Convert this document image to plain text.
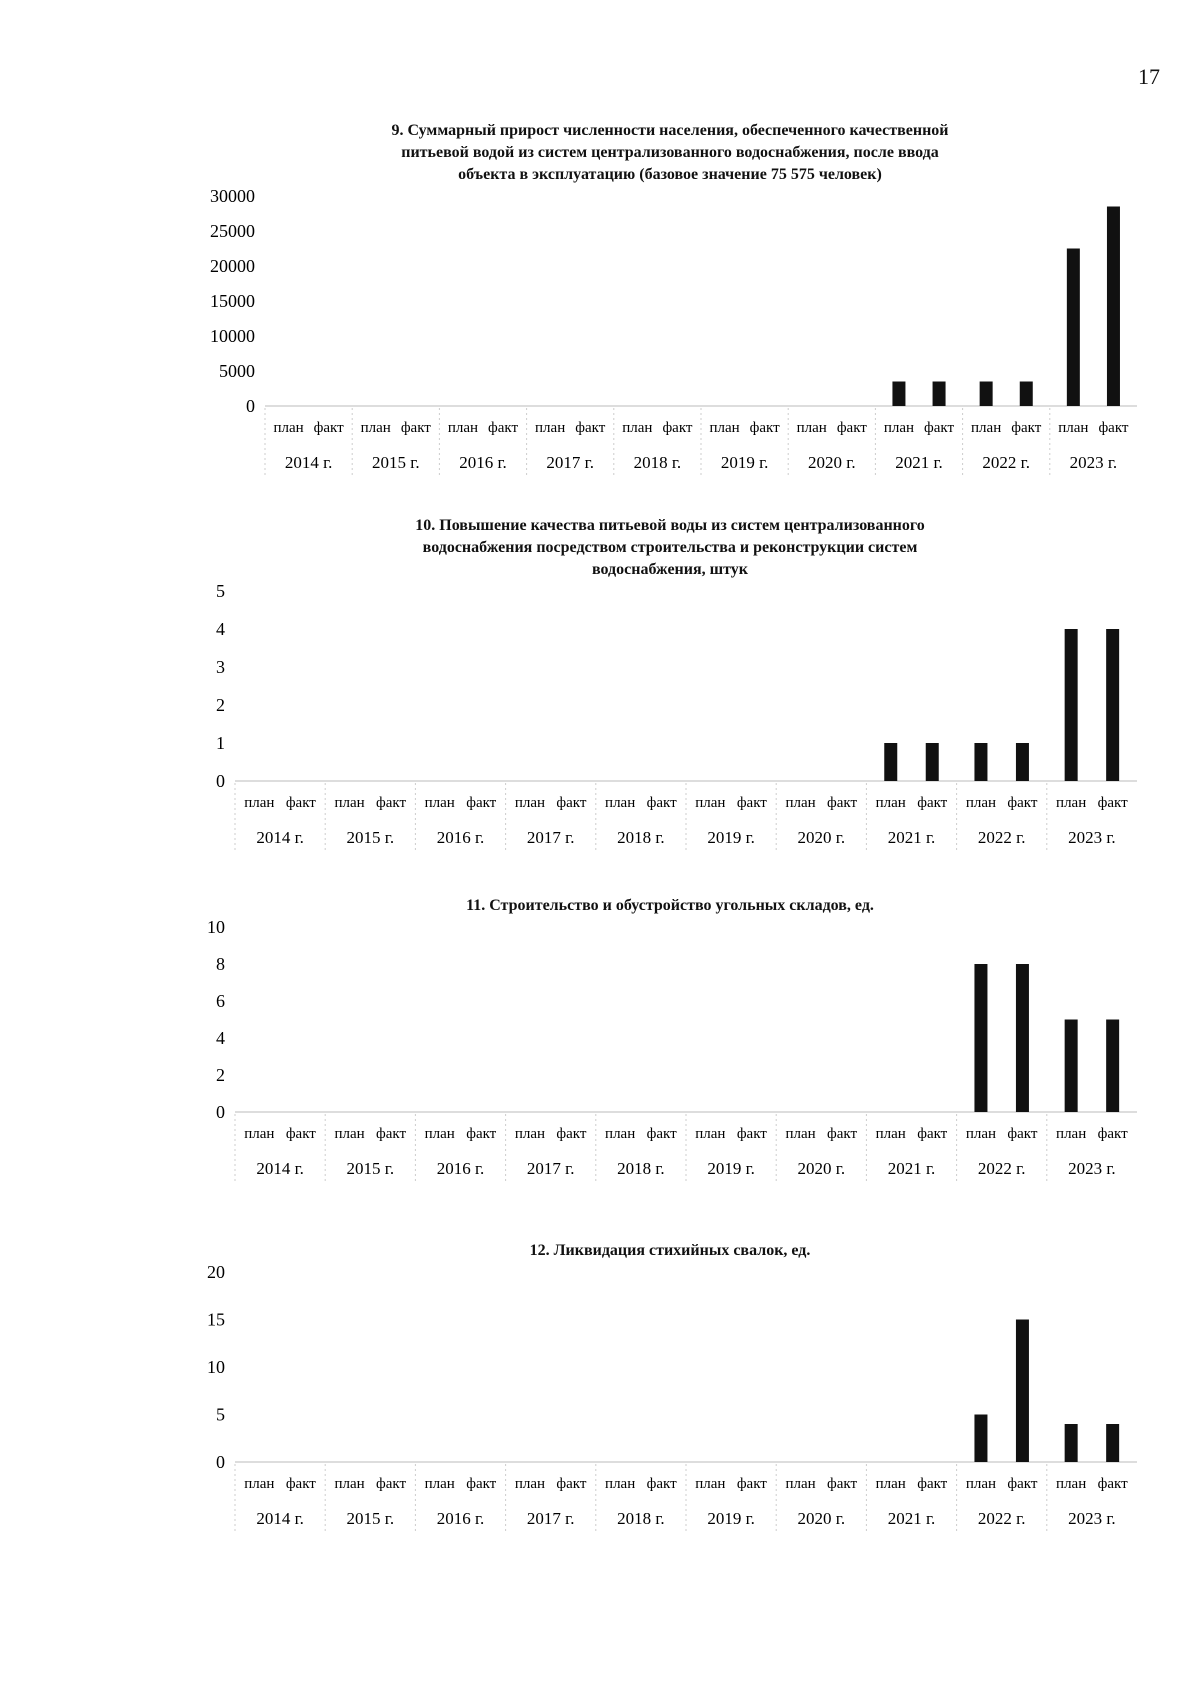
17
9. Суммарный прирост численности населения, обеспеченного качественной
питьевой водой из систем централизованного водоснабжения, после ввода
объекта в эксплуатацию (базовое значение 75 575 человек)
0
5000
10000
15000
20000
25000
30000
план факт
2014 г.
план факт
2015 г.
план факт
2016 г.
план факт
2017 г.
план факт
2018 г.
план факт
2019 г.
план факт
2020 г.
план факт
2021 г.
план факт
2022 г.
план факт
2023 г.
10. Повышение качества питьевой воды из систем централизованного
водоснабжения посредством строительства и реконструкции систем
водоснабжения, штук
0
1
2
3
4
5
план факт
2014 г.
план факт
2015 г.
план факт
2016 г.
план факт
2017 г.
план факт
2018 г.
план факт
2019 г.
план факт
2020 г.
план факт
2021 г.
план факт
2022 г.
план факт
2023 г.
11. Строительство и обустройство угольных складов, ед.
0
2
4
6
8
10
план факт
2014 г.
план факт
2015 г.
план факт
2016 г.
план факт
2017 г.
план факт
2018 г.
план факт
2019 г.
план факт
2020 г.
план факт
2021 г.
план факт
2022 г.
план факт
2023 г.
12. Ликвидация стихийных свалок, ед.
0
5
10
15
20
план факт
2014 г.
план факт
2015 г.
план факт
2016 г.
план факт
2017 г.
план факт
2018 г.
план факт
2019 г.
план факт
2020 г.
план факт
2021 г.
план факт
2022 г.
план факт
2023 г.
